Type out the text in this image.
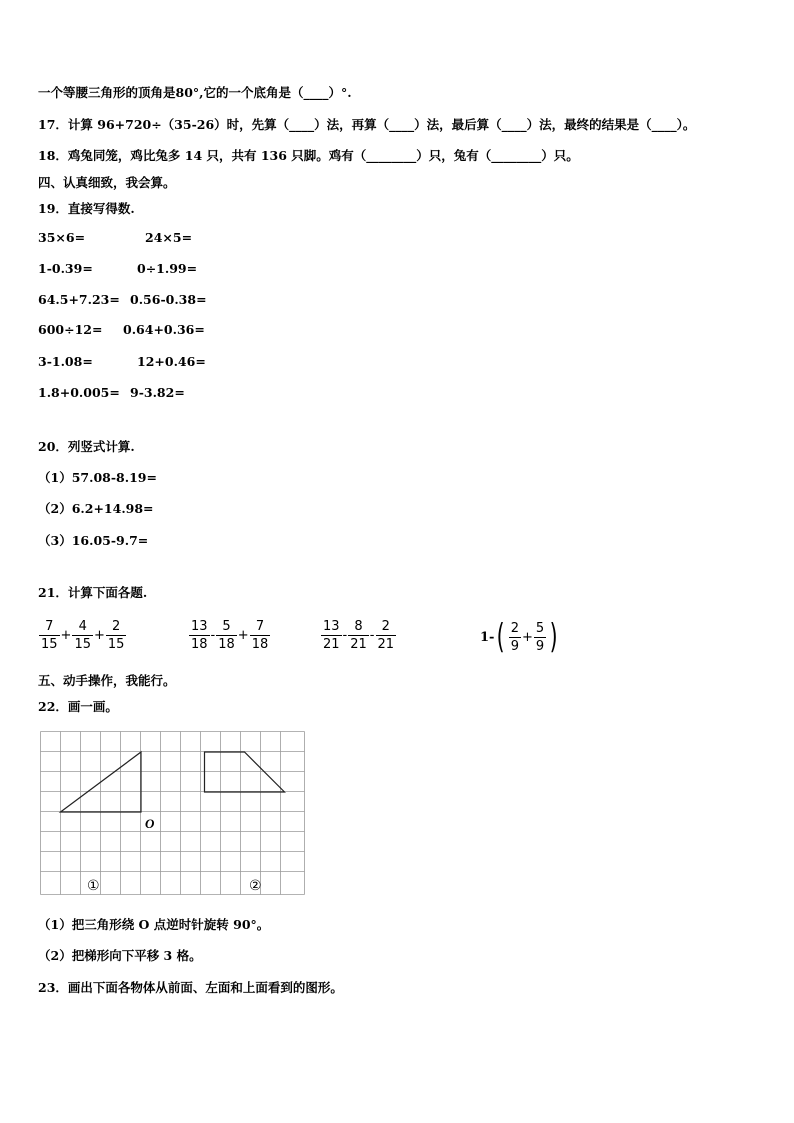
一个等腰三角形的顶角是80°,它的一个底角是（____）°.
17．计算 96+720÷（35-26）时，先算（____）法，再算（____）法，最后算（____）法，最终的结果是（____）。
18．鸡兔同笼，鸡比兔多 14 只，共有 136 只脚。鸡有（________）只，兔有（________）只。
四、认真细致，我会算。
19．直接写得数.
35×6=	24×5=
1-0.39=	0÷1.99=
64.5+7.23= 0.56-0.38=
600÷12= 0.64+0.36=
3-1.08=	12+0.46=
1.8+0.005= 9-3.82=
20．列竖式计算.
（1）57.08-8.19=
（2）6.2+14.98=
（3）16.05-9.7=
21．计算下面各题.
$\frac{7}{15} + \frac{4}{15} + \frac{2}{15}$	$\frac{13}{18} - \frac{5}{18} + \frac{7}{18}$	$\frac{13}{21} - \frac{8}{21} - \frac{2}{21}$	$1-( \frac{2}{9} + \frac{5}{9}$ )
五、动手操作，我能行。
22．画一画。
O
①	②
（1）把三角形绕 O 点逆时针旋转 90°。
（2）把梯形向下平移 3 格。
23．画出下面各物体从前面、左面和上面看到的图形。
